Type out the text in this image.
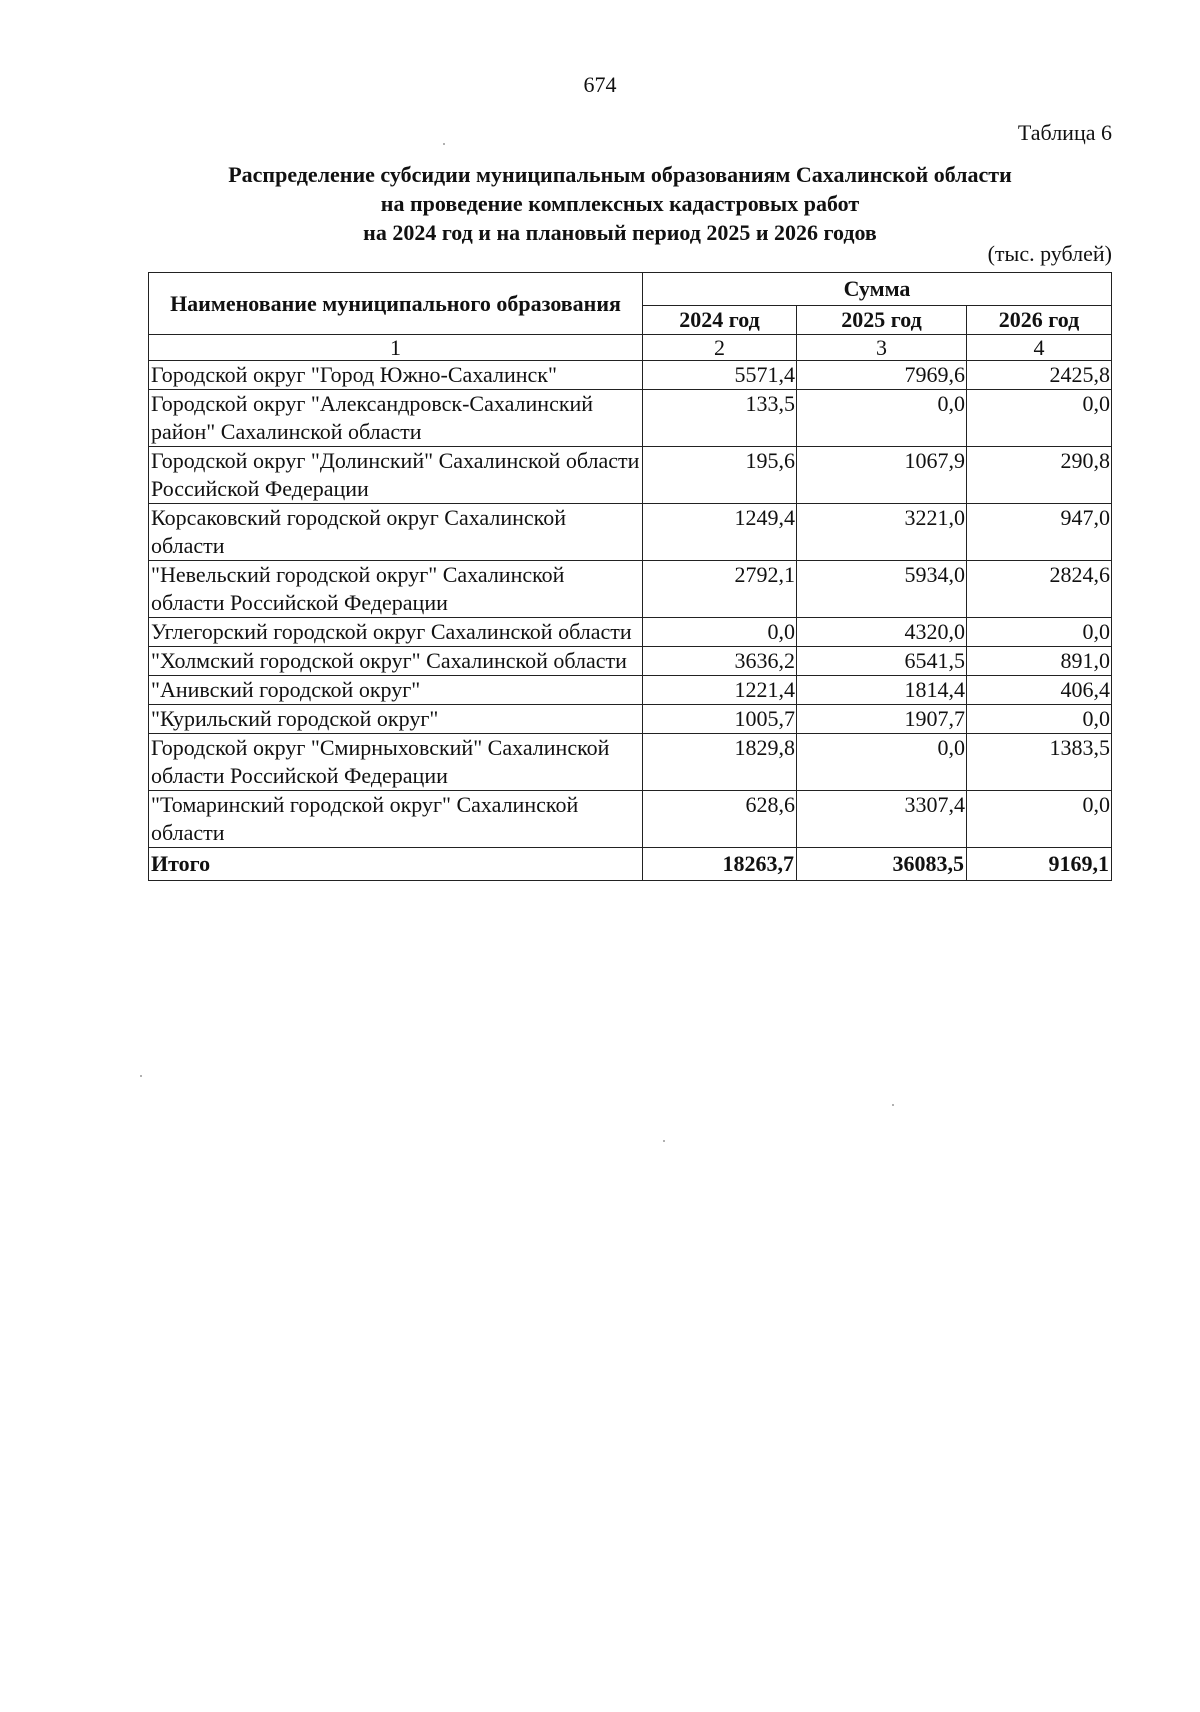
674
Таблица 6
Распределение субсидии муниципальным образованиям Сахалинской области
на проведение комплексных кадастровых работ
на 2024 год и на плановый период 2025 и 2026 годов
(тыс. рублей)
Наименование муниципального образования	Сумма		
	2024 год	2025 год	2026 год
1	2	3	4
Городской округ "Город Южно-Сахалинск"	5571,4	7969,6	2425,8
Городской округ "Александровск-Сахалинский район" Сахалинской области	133,5	0,0	0,0
Городской округ "Долинский" Сахалинской области Российской Федерации	195,6	1067,9	290,8
Корсаковский городской округ Сахалинской области	1249,4	3221,0	947,0
"Невельский городской округ" Сахалинской области Российской Федерации	2792,1	5934,0	2824,6
Углегорский городской округ Сахалинской области	0,0	4320,0	0,0
"Холмский городской округ" Сахалинской области	3636,2	6541,5	891,0
"Анивский городской округ"	1221,4	1814,4	406,4
"Курильский городской округ"	1005,7	1907,7	0,0
Городской округ "Смирныховский" Сахалинской области Российской Федерации	1829,8	0,0	1383,5
"Томаринский городской округ" Сахалинской области	628,6	3307,4	0,0
Итого	18263,7	36083,5	9169,1
